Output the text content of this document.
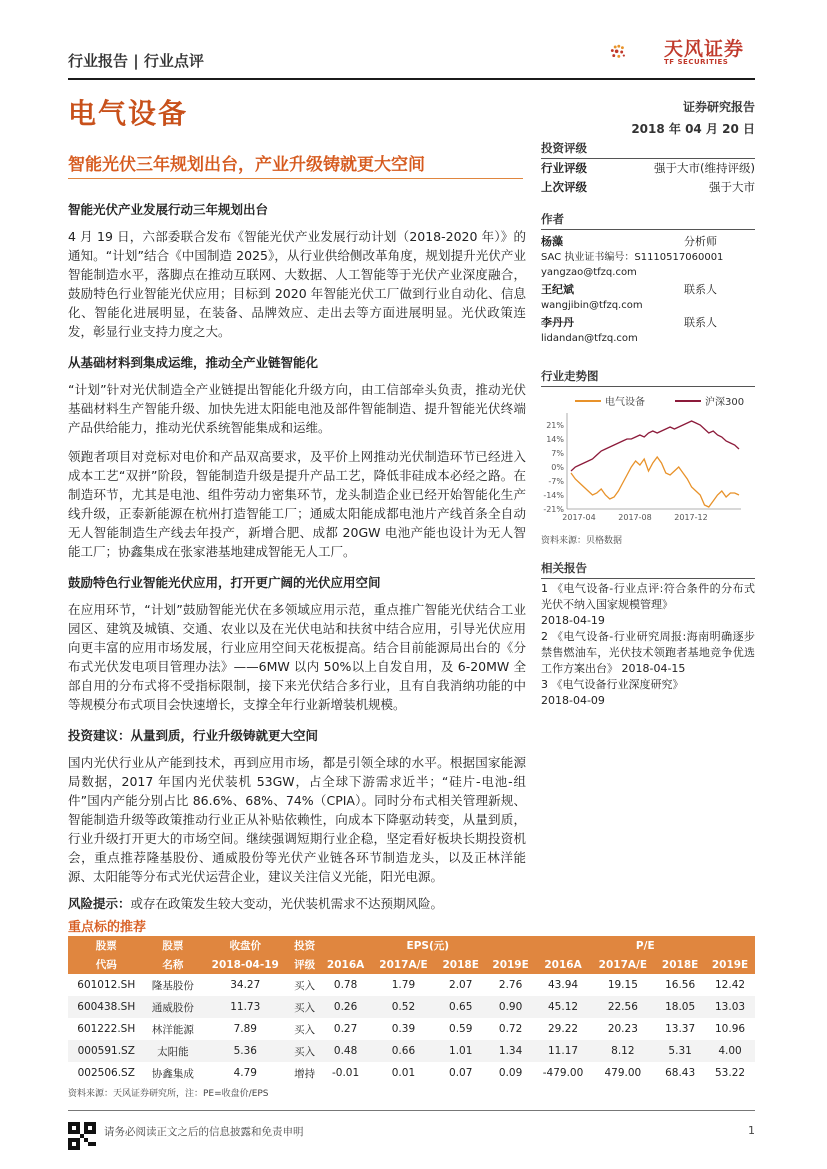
行业报告 | 行业点评
天风证券
TF SECURITIES
电气设备	证券研究报告
2018 年 04 月 20 日
智能光伏三年规划出台，产业升级铸就更大空间

智能光伏产业发展行动三年规划出台

4 月 19 日，六部委联合发布《智能光伏产业发展行动计划（2018-2020 年）》的通知。“计划”结合《中国制造 2025》，从行业供给侧改革角度，规划提升光伏产业智能制造水平，落脚点在推动互联网、大数据、人工智能等于光伏产业深度融合，鼓励特色行业智能光伏应用；目标到 2020 年智能光伏工厂做到行业自动化、信息化、智能化进展明显，在装备、品牌效应、走出去等方面进展明显。光伏政策连发，彰显行业支持力度之大。

从基础材料到集成运维，推动全产业链智能化

“计划”针对光伏制造全产业链提出智能化升级方向，由工信部牵头负责，推动光伏基础材料生产智能升级、加快先进太阳能电池及部件智能制造、提升智能光伏终端产品供给能力，推动光伏系统智能集成和运维。

领跑者项目对竞标对电价和产品双高要求，及平价上网推动光伏制造环节已经进入成本工艺“双拼”阶段，智能制造升级是提升产品工艺，降低非硅成本必经之路。在制造环节，尤其是电池、组件劳动力密集环节，龙头制造企业已经开始智能化生产线升级，正泰新能源在杭州打造智能工厂；通威太阳能成都电池片产线首条全自动无人智能制造生产线去年投产，新增合肥、成都 20GW 电池产能也设计为无人智能工厂；协鑫集成在张家港基地建成智能无人工厂。

鼓励特色行业智能光伏应用，打开更广阔的光伏应用空间

在应用环节，“计划”鼓励智能光伏在多领域应用示范，重点推广智能光伏结合工业园区、建筑及城镇、交通、农业以及在光伏电站和扶贫中结合应用，引导光伏应用向更丰富的应用市场发展，行业应用空间天花板提高。结合目前能源局出台的《分布式光伏发电项目管理办法》——6MW 以内 50%以上自发自用，及 6-20MW 全部自用的分布式将不受指标限制，接下来光伏结合多行业，且有自我消纳功能的中等规模分布式项目会快速增长，支撑全年行业新增装机规模。

投资建议：从量到质，行业升级铸就更大空间

国内光伏行业从产能到技术，再到应用市场，都是引领全球的水平。根据国家能源局数据，2017 年国内光伏装机 53GW，占全球下游需求近半；“硅片-电池-组件”国内产能分别占比 86.6%、68%、74%（CPIA）。同时分布式相关管理新规、智能制造升级等政策推动行业正从补贴依赖性，向成本下降驱动转变，从量到质，行业升级打开更大的市场空间。继续强调短期行业企稳，坚定看好板块长期投资机会，重点推荐隆基股份、通威股份等光伏产业链各环节制造龙头，以及正林洋能源、太阳能等分布式光伏运营企业，建议关注信义光能，阳光电源。

风险提示：或存在政策发生较大变动，光伏装机需求不达预期风险。

投资评级
行业评级	强于大市(维持评级)
上次评级	强于大市
作者
杨藻	分析师
SAC 执业证书编号：S1110517060001
yangzao@tfzq.com
王纪斌	联系人
wangjibin@tfzq.com
李丹丹	联系人
lidandan@tfzq.com
行业走势图
电气设备	沪深300
21%
14%
7%
0%
-7%
-14%
-21%
2017-04	2017-08	2017-12
资料来源：贝格数据
相关报告
1 《电气设备-行业点评:符合条件的分布式光伏不纳入国家规模管理》
2018-04-19
2 《电气设备-行业研究周报:海南明确逐步禁售燃油车，光伏技术领跑者基地竞争优选工作方案出台》 2018-04-15
3 《电气设备行业深度研究》
2018-04-09
重点标的推荐
股票	股票	收盘价	投资	EPS(元)				P/E			
代码	名称	2018-04-19	评级	2016A	2017A/E	2018E	2019E	2016A	2017A/E	2018E	2019E
601012.SH	隆基股份	34.27	买入	0.78	1.79	2.07	2.76	43.94	19.15	16.56	12.42
600438.SH	通威股份	11.73	买入	0.26	0.52	0.65	0.90	45.12	22.56	18.05	13.03
601222.SH	林洋能源	7.89	买入	0.27	0.39	0.59	0.72	29.22	20.23	13.37	10.96
000591.SZ	太阳能	5.36	买入	0.48	0.66	1.01	1.34	11.17	8.12	5.31	4.00
002506.SZ	协鑫集成	4.79	增持	-0.01	0.01	0.07	0.09	-479.00	479.00	68.43	53.22
资料来源：天风证券研究所，注：PE=收盘价/EPS
请务必阅读正文之后的信息披露和免责申明	1
